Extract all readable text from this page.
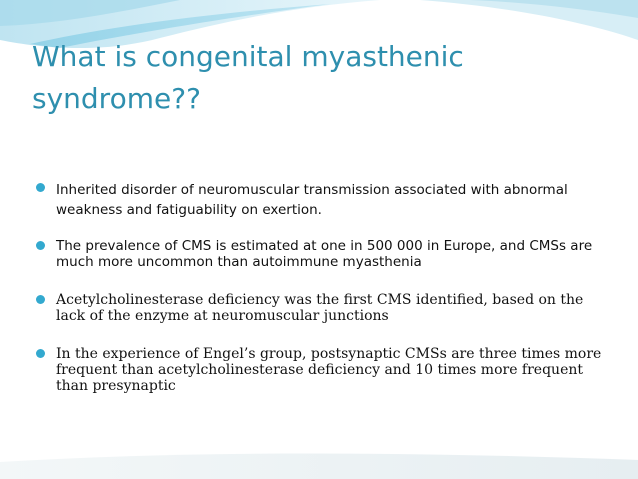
What is congenital myasthenic syndrome??
Inherited disorder of neuromuscular transmission associated with abnormal weakness and fatiguability on exertion.
The prevalence of CMS is estimated at one in 500 000 in Europe, and CMSs are much more uncommon than autoimmune myasthenia
Acetylcholinesterase deficiency was the first CMS identified, based on the lack of the enzyme at neuromuscular junctions
In the experience of Engel’s group, postsynaptic CMSs are three times more frequent than acetylcholinesterase deficiency and 10 times more frequent than presynaptic
